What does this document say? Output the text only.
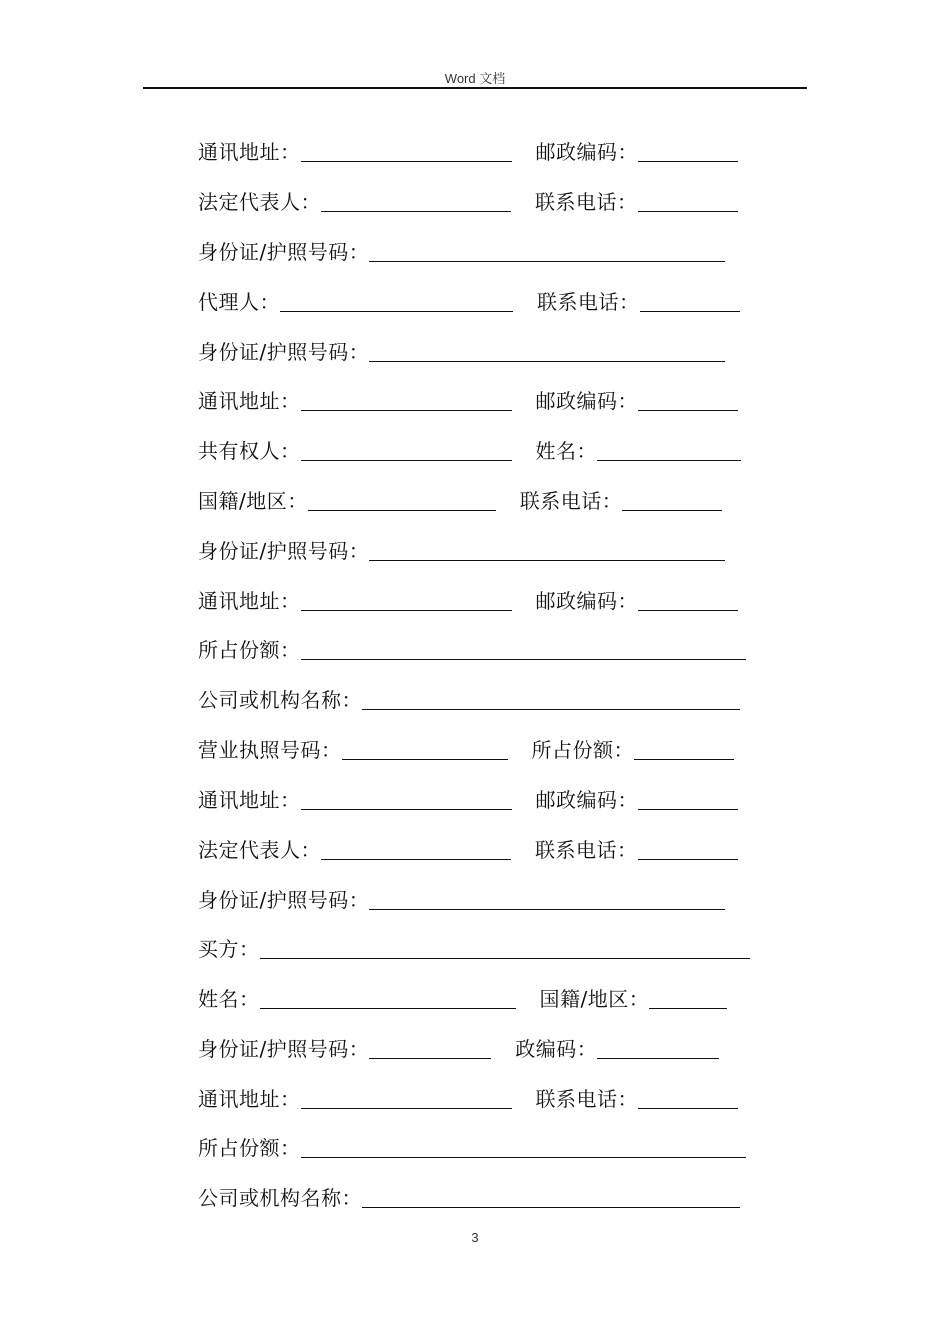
Word 文档
通讯地址：	邮政编码：
法定代表人：	联系电话：
身份证/护照号码：
代理人：	联系电话：
身份证/护照号码：
通讯地址：	邮政编码：
共有权人：	姓名：
国籍/地区：	联系电话：
身份证/护照号码：
通讯地址：	邮政编码：
所占份额：
公司或机构名称：
营业执照号码：	所占份额：
通讯地址：	邮政编码：
法定代表人：	联系电话：
身份证/护照号码：
买方：
姓名：	国籍/地区：
身份证/护照号码：	政编码：
通讯地址：	联系电话：
所占份额：
公司或机构名称：
3
